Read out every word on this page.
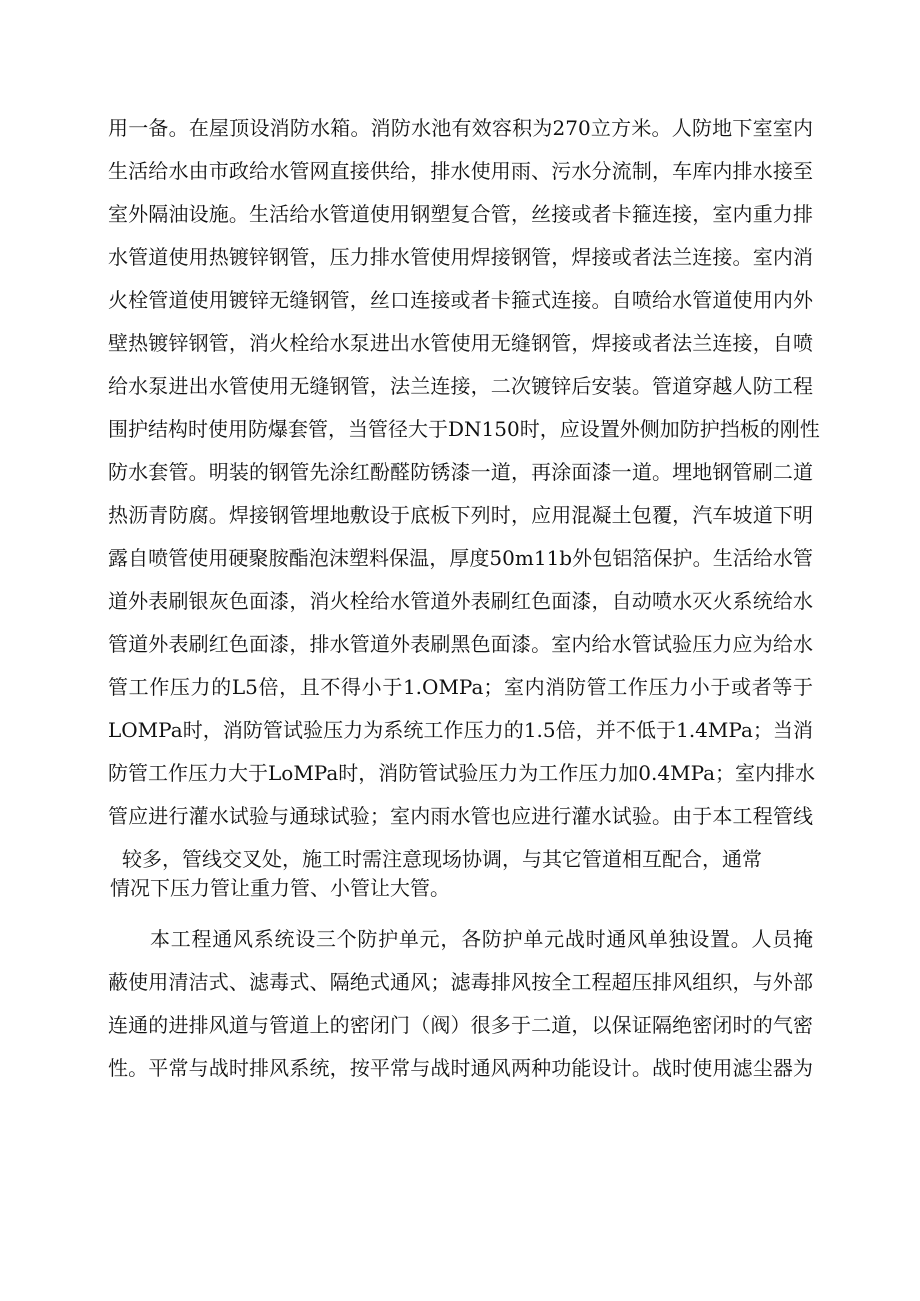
用一备。在屋顶设消防水箱。消防水池有效容积为270立方米。人防地下室室内
生活给水由市政给水管网直接供给，排水使用雨、污水分流制，车库内排水接至
室外隔油设施。生活给水管道使用钢塑复合管，丝接或者卡箍连接，室内重力排
水管道使用热镀锌钢管，压力排水管使用焊接钢管，焊接或者法兰连接。室内消
火栓管道使用镀锌无缝钢管，丝口连接或者卡箍式连接。自喷给水管道使用内外
壁热镀锌钢管，消火栓给水泵进出水管使用无缝钢管，焊接或者法兰连接，自喷
给水泵进出水管使用无缝钢管，法兰连接，二次镀锌后安装。管道穿越人防工程
围护结构时使用防爆套管，当管径大于DN150时，应设置外侧加防护挡板的刚性
防水套管。明装的钢管先涂红酚醛防锈漆一道，再涂面漆一道。埋地钢管刷二道
热沥青防腐。焊接钢管埋地敷设于底板下列时，应用混凝土包覆，汽车坡道下明
露自喷管使用硬聚胺酯泡沫塑料保温，厚度50m11b外包铝箔保护。生活给水管
道外表刷银灰色面漆，消火栓给水管道外表刷红色面漆，自动喷水灭火系统给水
管道外表刷红色面漆，排水管道外表刷黑色面漆。室内给水管试验压力应为给水
管工作压力的L5倍，且不得小于1.OMPa；室内消防管工作压力小于或者等于
LOMPa时，消防管试验压力为系统工作压力的1.5倍，并不低于1.4MPa；当消
防管工作压力大于LoMPa时，消防管试验压力为工作压力加0.4MPa；室内排水
管应进行灌水试验与通球试验；室内雨水管也应进行灌水试验。由于本工程管线
较多，管线交叉处，施工时需注意现场协调，与其它管道相互配合，通常
情况下压力管让重力管、小管让大管。
本工程通风系统设三个防护单元，各防护单元战时通风单独设置。人员掩
蔽使用清洁式、滤毒式、隔绝式通风；滤毒排风按全工程超压排风组织，与外部
连通的进排风道与管道上的密闭门（阀）很多于二道，以保证隔绝密闭时的气密
性。平常与战时排风系统，按平常与战时通风两种功能设计。战时使用滤尘器为
